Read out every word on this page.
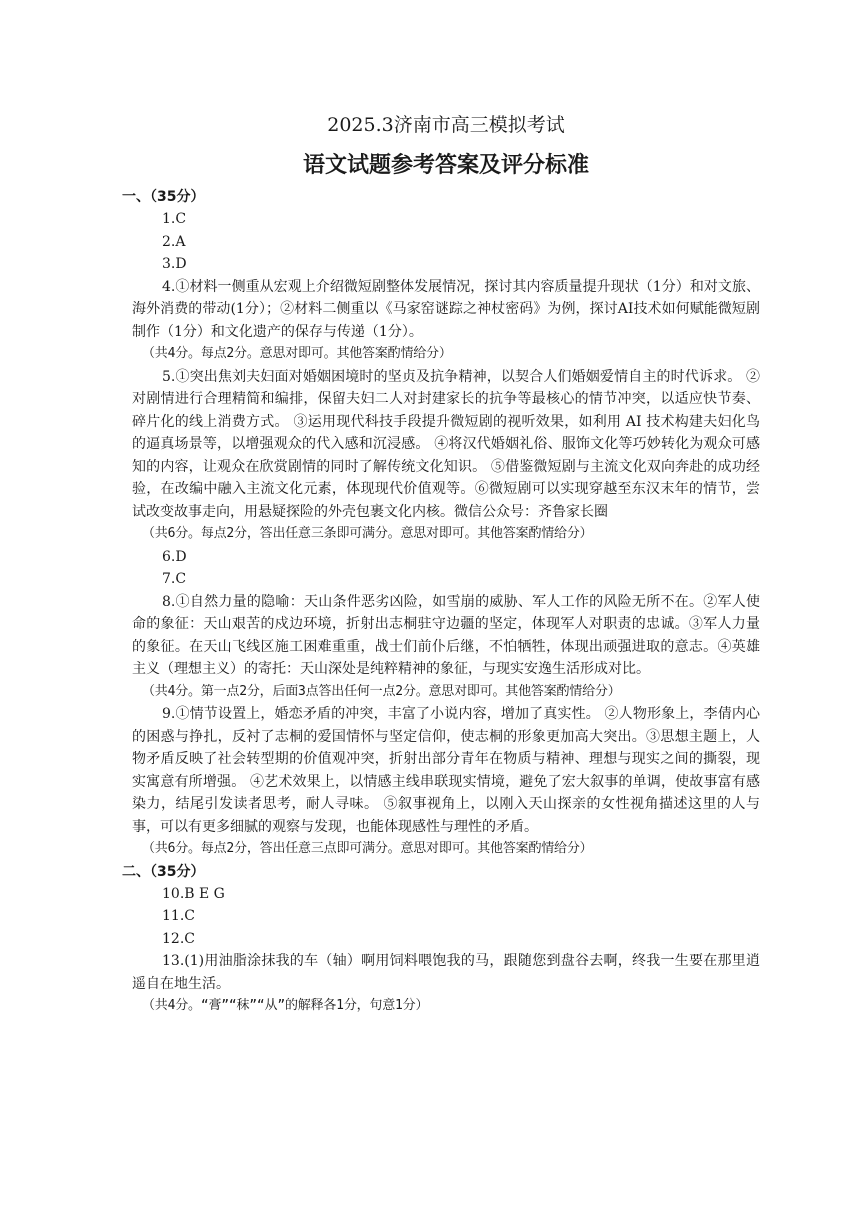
2025.3济南市高三模拟考试
语文试题参考答案及评分标准
一、（35分）

1.C

2.A

3.D

4.①材料一侧重从宏观上介绍微短剧整体发展情况，探讨其内容质量提升现状（1分）和对文旅、海外消费的带动(1分）；②材料二侧重以《马家窑谜踪之神杖密码》为例，探讨AI技术如何赋能微短剧制作（1分）和文化遗产的保存与传递（1分）。

（共4分。每点2分。意思对即可。其他答案酌情给分）

5.①突出焦刘夫妇面对婚姻困境时的坚贞及抗争精神，以契合人们婚姻爱情自主的时代诉求。 ②对剧情进行合理精简和编排，保留夫妇二人对封建家长的抗争等最核心的情节冲突，以适应快节奏、碎片化的线上消费方式。 ③运用现代科技手段提升微短剧的视听效果，如利用 AI 技术构建夫妇化鸟的逼真场景等，以增强观众的代入感和沉浸感。 ④将汉代婚姻礼俗、服饰文化等巧妙转化为观众可感知的内容，让观众在欣赏剧情的同时了解传统文化知识。 ⑤借鉴微短剧与主流文化双向奔赴的成功经验，在改编中融入主流文化元素，体现现代价值观等。⑥微短剧可以实现穿越至东汉末年的情节，尝试改变故事走向，用悬疑探险的外壳包裹文化内核。微信公众号：齐鲁家长圈

（共6分。每点2分，答出任意三条即可满分。意思对即可。其他答案酌情给分）

6.D

7.C

8.①自然力量的隐喻：天山条件恶劣凶险，如雪崩的威胁、军人工作的风险无所不在。②军人使命的象征：天山艰苦的戍边环境，折射出志桐驻守边疆的坚定，体现军人对职责的忠诚。③军人力量的象征。在天山飞线区施工困难重重，战士们前仆后继，不怕牺牲，体现出顽强进取的意志。④英雄主义（理想主义）的寄托：天山深处是纯粹精神的象征，与现实安逸生活形成对比。

（共4分。第一点2分，后面3点答出任何一点2分。意思对即可。其他答案酌情给分）

9.①情节设置上，婚恋矛盾的冲突，丰富了小说内容，增加了真实性。 ②人物形象上，李倩内心的困惑与挣扎，反衬了志桐的爱国情怀与坚定信仰，使志桐的形象更加高大突出。③思想主题上，人物矛盾反映了社会转型期的价值观冲突，折射出部分青年在物质与精神、理想与现实之间的撕裂，现实寓意有所增强。 ④艺术效果上，以情感主线串联现实情境，避免了宏大叙事的单调，使故事富有感染力，结尾引发读者思考，耐人寻味。 ⑤叙事视角上，以刚入天山探亲的女性视角描述这里的人与事，可以有更多细腻的观察与发现，也能体现感性与理性的矛盾。

（共6分。每点2分，答出任意三点即可满分。意思对即可。其他答案酌情给分）

二、（35分）

10.B E G

11.C

12.C

13.(1)用油脂涂抹我的车（轴）啊用饲料喂饱我的马，跟随您到盘谷去啊，终我一生要在那里逍遥自在地生活。

（共4分。“膏”“秣”“从”的解释各1分，句意1分）
